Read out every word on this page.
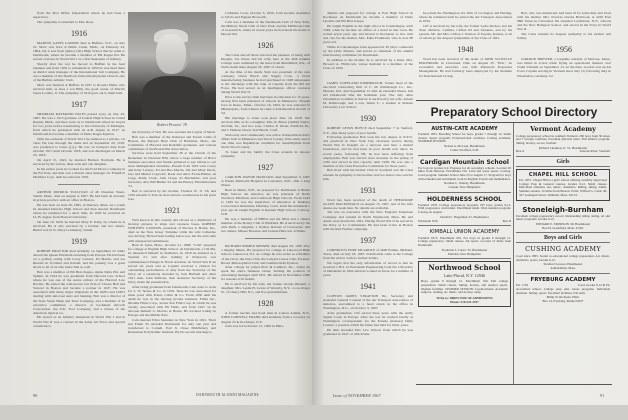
from the Post Office Department where he had been a supervisor.

Our sympathy is extended to Mrs. Ross.

1916

MARVIN GATES LOOMIS died at Buffalo, N.Y., on July 21. Marv was born at Battle Creek, Mich., on February 24, 1894, but it was from Quincy (Ill.) High School that he came to Dartmouth, where he became a member of Phi Kappa Psi. He served overseas in World War I as a first lieutenant of infantry.

Shortly after the war he moved to Buffalo in the feed business and from 1932 to retirement in 1959 he was head there as district sales manager of the International Salt Company. He was a member of the Dearborn United Presbyterian Church, also of the Buffalo Athletic Club.

Marv was married at Buffalo in 1937 to Rosetta Hahn, who survives him, as does a son Billy, the good owner of Marvin Gates Loomis, Jr. The sympathy of 1916 goes out to them both.

1917

MERRIAM RAYMOND FALES passed away on July 26, 1967. He was a 1913 graduate of Central High School in Grand Rapids, Mich., and then went on to Dartmouth where he stayed for two years before transferring to the University of Michigan, from which he graduated with an A.B. degree in 1917. At Dartmouth he became a member of Delta Kappa Epsilon.

With the outbreak of World War I he enlisted as a private, 1st class. He rose through the ranks and on September 20, 1918, was promoted to Lieut. (j.g.). He was on transport duty from October 1917 until October 1918, and was discharged on March 25, 1919.

On April 15, 1921, he married Barbara Northam. He is survived by his widow, three sons and one daughter.

In his earlier years he worked for the Ford Motor Company in the Far East, and then was a district sales manager for Frankfort Distillers Corp. until he retired in 1952.

ARTHUR PATRICK SULLIVAN of 46 Chestnut Street, Salem, Mass., died on August 4, 1967. He had been an attorney in private practice with an office in Boston.

He was born on June 20, 1895, at Danvers, Mass. As a youth he attended Danvers High School and then entered Dartmouth where he remained for a short time. In 1920 he received an LL.B. degree from Boston University.

On June 10, 1926, he married Mary E. Kiely, by whom he is survived. He is also survived by a brother, and two sisters. Burial was in St. Mary's Cemetery, Salem.

1919

ROBERT PROCTOR died suddenly on September 25 while aboard the Queen Elizabeth returning from Europe. He had been on a golfing outing with Corey Larners, Ed Martin, and Joe Russell in Scotland and Ireland, and his passing was a great shock to all of us who knew him so well.

Bob was a member of Phi Beta Kappa, Alpha Delta Phi, and Sphinx. In 1924 he was graduated from Harvard Law School where he was one of the senior editors of the Harvard Law Review. He joined the well-known law firm of Choate Hall and Stewart in Boston and became a partner in 1927. He was associated with many major litigations in the 1920's and 1930's dealing with anti-trust suits and banking. Bob was a director of the State Street Bank and Trust Company, and a member of its executive committee; a director of Lockheed Aircraft Corporation, the O.K. Tool Company, and a trustee of the American Optical Co.

He served as an Infantry lieutenant in World War I and in World War II was a colonel in the Army Air Force and special consultant to

Robert Proctor '19

the Secretary of War. He was awarded the Legion of Merit.

Bob was a member of the Somerset and Tavern Clubs of Boston, the Myopia Hunt Club of Hamilton, Mass., the Committee of Harvard and Radcliffe graduates, and various committees of the Boston Bar Association.

Services were held September 28 at the Church of the Redeemer in Chestnut Hill, where a large number of Bob's business associates and friends gathered to pay tribute to our most distinguished classmate. Present from 1919 were Corey and Kitty Larners, Ed and Bea Martin, Jim and Mary Davis, Gus and Muriel Cogswell, Rook and Alice Evans-Blaine, Al Copp, Prudy Clark, John Clapp, Al Batchelder, and your Secretary. Also Bill Bullen '22 and the Barney Thistlethwaites '21.

Bob is survived by his brother, Thomas W. Jr. '18, and 1919 extends to Tom its most sincere condolences in his great loss.

1921

Well known in this country and abroad as a distributor of moving pictures to ships and overseas bases, ROBERT WHITNEY CANNON, president of Movies at Home, Inc., died on the New Jersey Turnpike while his wife Catherine was driving. He had been feeling below par, but the end came with unexpected suddenness.

Born in Lynn, Mass., October 21, 1898, "Cam" prepared for college at English High School. At Dartmouth, a Chi Phi, he interested himself in dramatics. In 1918 he enlisted as a Seaman 2/c and after training at Pensacola was commissioned Ensign in Naval Aviation. In World War II he served six years and as Captain received a citation for outstanding performance of duty from the Secretary of the Navy. At a ceremony attended by Jack Hubbell and other 1921 men, John Sullivan, then Assistant Secretary of the Navy, made the presentation.

After being graduated from Dartmouth, Cam went to work for S. W. Straus & Co. in 1919. Then he was associated for three years with Potter, Cutler & Co. From 1930 until his death he was in the moving picture business, Films Inc., Modern Films Corp., Seven Star Film Corp. in which he was closely associated with Eli Helis, and from 1947 on he devoted himself to Movies at Home. He traveled widely in Europe and the Middle East.

Cam married Edna Saunders in New York in 1921. Their son Frank '45 attended Dartmouth for only one year and transferred to Cornell. Earl Jr. chose Middlebury and Rensselaer Polytechnic Institute. By his second marriage to

Catherine Cook, October 3, 1950, Cam became stepfather to Sylvia and Eugene Bosworth.

Cam was a member of the Dartmouth Club of New York, the Military Naval Club of New York, and the Millbrook Club of Greenwich, where in recent years he had made his home at Dewart Rd.

1926

The Class and all those who had the pleasure of being with Imogen, Joe Owen and his wife, here at the 40th Alumni College were saddened by the news from Marshfield, Wis., of Stub's death there August 26, 1967 of cancer.

At the time of his death, Stub was president of his own company, Owen Block and Supply Corp., a block manufacturing business he had purchased in 1948 subsequent to his discharge with the rank of Captain from the 8th Air Force. He had served as an intelligence officer overseas during World War II.

Prior to his service Stub had been in education for 15 years, having first been principal of schools in Minnesota. Though born in Osseo, Minn., October 16, 1904, he was educated in Minneapolis, from whence he came to Dartmouth in the fall of '22.

His marriage to Janet took place June 16, 1928. She survives him, as do a daughter, Mrs. R. Bruce (Judith) Taylor, Norfolk, Va., and two sons, Charles P. Owen, Fairfield, Ill., and J. Hudson Owen, Seal Beach, Calif.

Stub early and continuously was active in Republican Party affairs both in Minnesota and Wood County, Wisconsin, and at one time was Republican candidate for assemblyman from North Wood County.

To Janet and his family the Class extends its sincere sympathy.

1927

CARLTON WAYNE HANCOCK died September 5, 1967 at Weeks Memorial Hospital in Lancaster, N.H., after a long illness.

Born in Milan, N.H., he prepared for Dartmouth at Berlin High School. An educator, he was principal of North Stratford, Pittsfield, and Colebrook High Schools. From 1943 to 1945 he was the supervisor of education at Danbury Correctional Institution, Danbury, Conn. Until his retirement a year ago he taught English at Kennett High School, Conway, N.H.

He was a member of NHEA and the NEA and a charter member of the Rotary Club of Pittsfield. He is survived by his wife Ruth, a daughter, a brother, Roland of Gloucester, and two sisters, Misses Florence and Celeste Hancock of Milan.

RICHARD BOMER MEINER died August 29, 1967 after a lengthy illness. He prepared for college at Lakewood High School, Lakewood, N.J. At college he was active as a member of the Choir, the Glee Club, the Ledyard Canoe Club, Forensic Board, Philosophical Club, and Gamma Delta Epsilon.

After college he joined Pratt & Lambert, Inc., where he spent his entire business career, holding the position of advertising manager until 1951. He retired in November 1966 for reasons of ill health.

He is survived by his wife, the former Gladys Bennett, a daughter, Mrs. Leslie H. Lewis of Waverly, N.Y., a son, Roger W. of Cherry Hill, N.J., and five grandchildren.

1928

A former teacher and hotel man in Canton Adams, N.Y., JOHN CORWELL FRANK died suddenly from a coronary on August 25 in Rochester, N.Y.

John was born October 12, 1906 in Phila-

90	DARTMOUTH ALUMNI MAGAZINE

delphia and prepared for college at East High School in Rochester. At Dartmouth he became a member of Delta Upsilon and Phi Beta Kappa.

He taught English in the high school in Canandaigua, until 1948, when he became an officer of a hotel in that town. He retired seven years ago and moved to Rochester to live with and care for his mother, Mrs. Edna Frankland, who is now 88 years old.

While in Canandaigua John appeared in 30 plays conducted by the Little Theatre, and served as chairman of the alumni interviewing committee for Dartmouth.

In addition to his mother, he is survived by a sister, Mrs. Howard A. Hitchcock, whose husband is a member of the Class of 1920.

JAMES COPELAND KIMBROUGH, former head of the electrical contracting firm of C. M. Kimbrough Co., Inc., Muncie, Ind., died September 12 after an extended illness. Jim left Dartmouth after his freshman year. The only other information available is that he is survived by his wife, Arleen M. Kimbrough, and a son, James T., a student at Indiana University Law School.

1930

ROBERT LEWIS BOYCE died September 7 in Sanford, N.Y., after many years of poor health.

Following graduation Bob took his law degree at N.Y.U. and practiced in New York City. Overseas service during World War II brought on a nervous and later a mental breakdown, and he had been in poor health ever since. In recent years, following TB, he had been suffering from emphysema. Bob was elected class treasurer in the spring of 1930 and served in that capacity until 1938. He was also a member of the Class Executive Committee for those years.

Bob lived with his brother Clint in Southold and the Class extends its sympathy to his brother and two sisters who survive him.

1931

Word has been received of the death of THEODORE ALLEN MACDONALD on August 15, 1967, and of his wife Annie one week later. No details are available.

Ted was an executive with the New England Telephone Company and resided in North Weymouth, Mass. He and Annie were married in 1941. During World War II he served in the Navy as Lt. Commander. He had been active in Boston with the Red Feather campaign.

1937

CORNELIUS FORT MCARDLE of 2600 Fannin, Midland, Texas, died on July 18, 1967. Notification came to the College from his widow with no further details.

We regret that the only information of record is that he received a B.S. in Petroleum Engineering from the University of Oklahoma in 1942 and had worked in Texas for a number of years.

1941

CLIFTON JAMES STRATTON JR., Secretary and Assistant General Counsel of the Air Transport Association of America, succumbed to a heart attack in his office in Washington, D.C., on October 3, 1967.

After graduation, Clif served three years with the Army Signal Corps in Europe. After the war he worked briefly as Washington correspondent for the Eureka (Kansas) Daily Courier, a position which his father had held for thirty years.

He then attended Yale Law School, from which he was graduated in 1947, at which time

he joined the Washington law firm of Covington and Burling, where he remained until he joined the Air Transport Association in 1956.

Clif is survived by his wife, the former Lydia Decker, and his three children, Cynthia, Clifton III and Suzanne, and by his parents, Mr. and Mrs. Clifton J. Stratton of Topeka, Kansas, to all of whom go the deepest sympathies of the Class of 1941.

1948

Word has been received of the death of JOHN SCOVILLE HOLBROOK in Cleveland, Ohio on August 25. "Bob," an economist and associate, was with Rubenoid Properties Management. He had formerly been employed by the Institute for International Living.

Bob, who was unmarried, had been ill for some time and lived with his mother, Mrs. Dolores Owens Holbrook, at 4220 East 98th Street in Cleveland. He attended Larchmont, N.Y., schools and the New Hampton School, and served in the Navy in World War II.

The Class extends its deepest sympathy to his mother and family.

1956

GORDON BREWER, a longtime resident of Melrose, Mass., was killed in action while flying an operational mission over South Vietnam on September 14. At the time, Gordon was an Air Force Captain serving in Vietnam since July 10, following duty in Wiesbaden, Germany, for

Issue of NOVEMBER 1967	91
Preparatory School Directory
AUSTIN-CATE ACADEMY
Founded 1833. Boarding School for boys, grades 7 through 12. Small classes. Sports program. Extracurricular activities. Catalog available. SUMMER SESSION.
Nelson A. McLean, Headmaster
Center Strafford, N.H.
Cardigan Mountain School
For boys in Grades 6-9. Prepares for all secondary schools. Located 20 miles from Hanover. Enrollment 150. Land and water sports. Catalog. Coed program. Summer School June 23 to August 17. Program for boys with remedial and enrichment work in English, French and mathematics.
Norman C. Wakely, Headmaster
Canaan, New Hampshire
HOLDERNESS SCHOOL
Founded 1879. College preparatory program, 185 boys, grades 9-12. With progressive curriculum. Enrollment small. Well-rounded program. Catalog on request.
Donald C. Hagerman '41, Headmaster
Plymouth, N.H.	Box D
KIMBALL UNION ACADEMY
Founded 1813. Enrollment 250. For boys in grades 9 through 12. College preparatory. Small classes. All sports. Located 12 miles from Dartmouth.
Frederick S. Carter '35, Headmaster
Meriden, New Hampshire
Northwood School
Lake Placid, N.Y. 12946
Boys, grades 9 through 12. Enrollment 160. Full college preparation. Small classes. Skiing, hockey, and outdoor sports. Modern facilities. SUMMER SESSION: Coeducational. Academic subjects, reading, art, music, and hockey camp.
Write to: DIRECTOR OF ADMISSIONS
Phone: 518-523-3357
Vermont Academy
College preparatory school in southern Vermont. 260 boys from 30 states and 7 foreign countries. Excellent physical plant. Full athletic program. Skiing, hockey, soccer, football.
Richard Choiniere Jr. '51, Headmaster
Box A	Saxtons River, Vermont
Girls
CHAPEL HILL SCHOOL
Est. 1857. Chapel Hill is a girls' school offering carefully supervised College Prep & General courses. Grades 9-12. Small classes. Individual attention. Art, music, dramatics. Riding, skiing, tennis. Summer session. 10 miles from Boston. Write: Wilfred G. Clark '40, 327 Lexington Street, Waltham, Mass. 02154.
Stoneleigh-Burnham
Excellent college preparatory record. Outstanding riding, skiing, art and music programs. Grades 9-12.
EDWARD E. EMERSON '40, Headmaster
Box H, Greenfield, Mass. 01301
Boys and Girls
CUSHING ACADEMY
Coed since 1865. Sound co-educational college preparation. Art, music, dramatics, sports. Grades 9-12.
Stratford Lawson, Headmaster
Ashburnham, Mass.
FRYEBURG ACADEMY
Est. 1792	Coed. Grades 9-12 & PG
Accredited school. College prep plus career programs. Individual attention. Skiing, sports. Excellent facilities. Fall term.
Philip W. Richards, Hdm.
Box 14, Fryeburg, Maine 04037
